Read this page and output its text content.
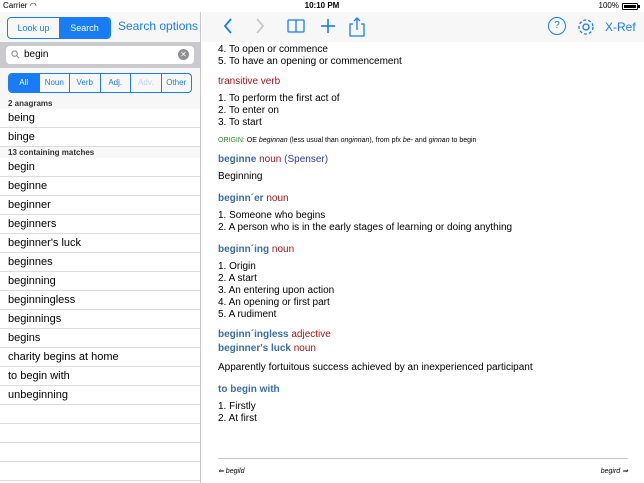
Carrier ◠	10:10 PM	100%
Look up	Search	Search options
begin	✕
All	Noun	Verb	Adj.	Adv.	Other
2 anagrams
being
binge
13 containing matches
begin
beginne
beginner
beginners
beginner's luck
beginnes
beginning
beginningless
beginnings
begins
charity begins at home
to begin with
unbeginning
?	X-Ref
4. To open or commence
5. To have an opening or commencement
transitive verb
1. To perform the first act of
2. To enter on
3. To start
ORIGIN: OE beginnan (less usual than onginnan), from pfx be- and ginnan to begin
beginne noun (Spenser)
Beginning
beginn´er noun
1. Someone who begins
2. A person who is in the early stages of learning or doing anything
beginn´ing noun
1. Origin
2. A start
3. An entering upon action
4. An opening or first part
5. A rudiment
beginn´ingless adjective
beginner's luck noun
Apparently fortuitous success achieved by an inexperienced participant
to begin with
1. Firstly
2. At first
⇐ begild	begird ⇒
